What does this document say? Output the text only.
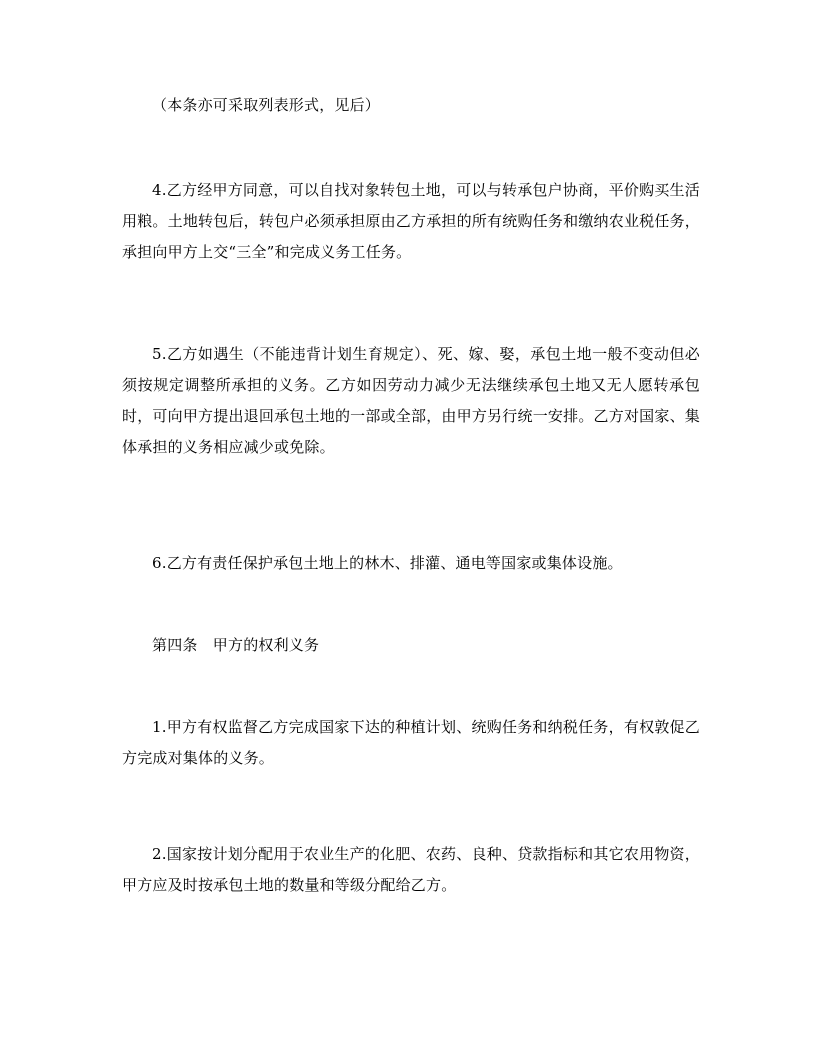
（本条亦可采取列表形式，见后）

4.乙方经甲方同意，可以自找对象转包土地，可以与转承包户协商，平价购买生活用粮。土地转包后，转包户必须承担原由乙方承担的所有统购任务和缴纳农业税任务，承担向甲方上交“三全”和完成义务工任务。

5.乙方如遇生（不能违背计划生育规定）、死、嫁、娶，承包土地一般不变动但必须按规定调整所承担的义务。乙方如因劳动力减少无法继续承包土地又无人愿转承包时，可向甲方提出退回承包土地的一部或全部，由甲方另行统一安排。乙方对国家、集体承担的义务相应减少或免除。

6.乙方有责任保护承包土地上的林木、排灌、通电等国家或集体设施。

第四条　甲方的权利义务

1.甲方有权监督乙方完成国家下达的种植计划、统购任务和纳税任务，有权敦促乙方完成对集体的义务。

2.国家按计划分配用于农业生产的化肥、农药、良种、贷款指标和其它农用物资，甲方应及时按承包土地的数量和等级分配给乙方。
